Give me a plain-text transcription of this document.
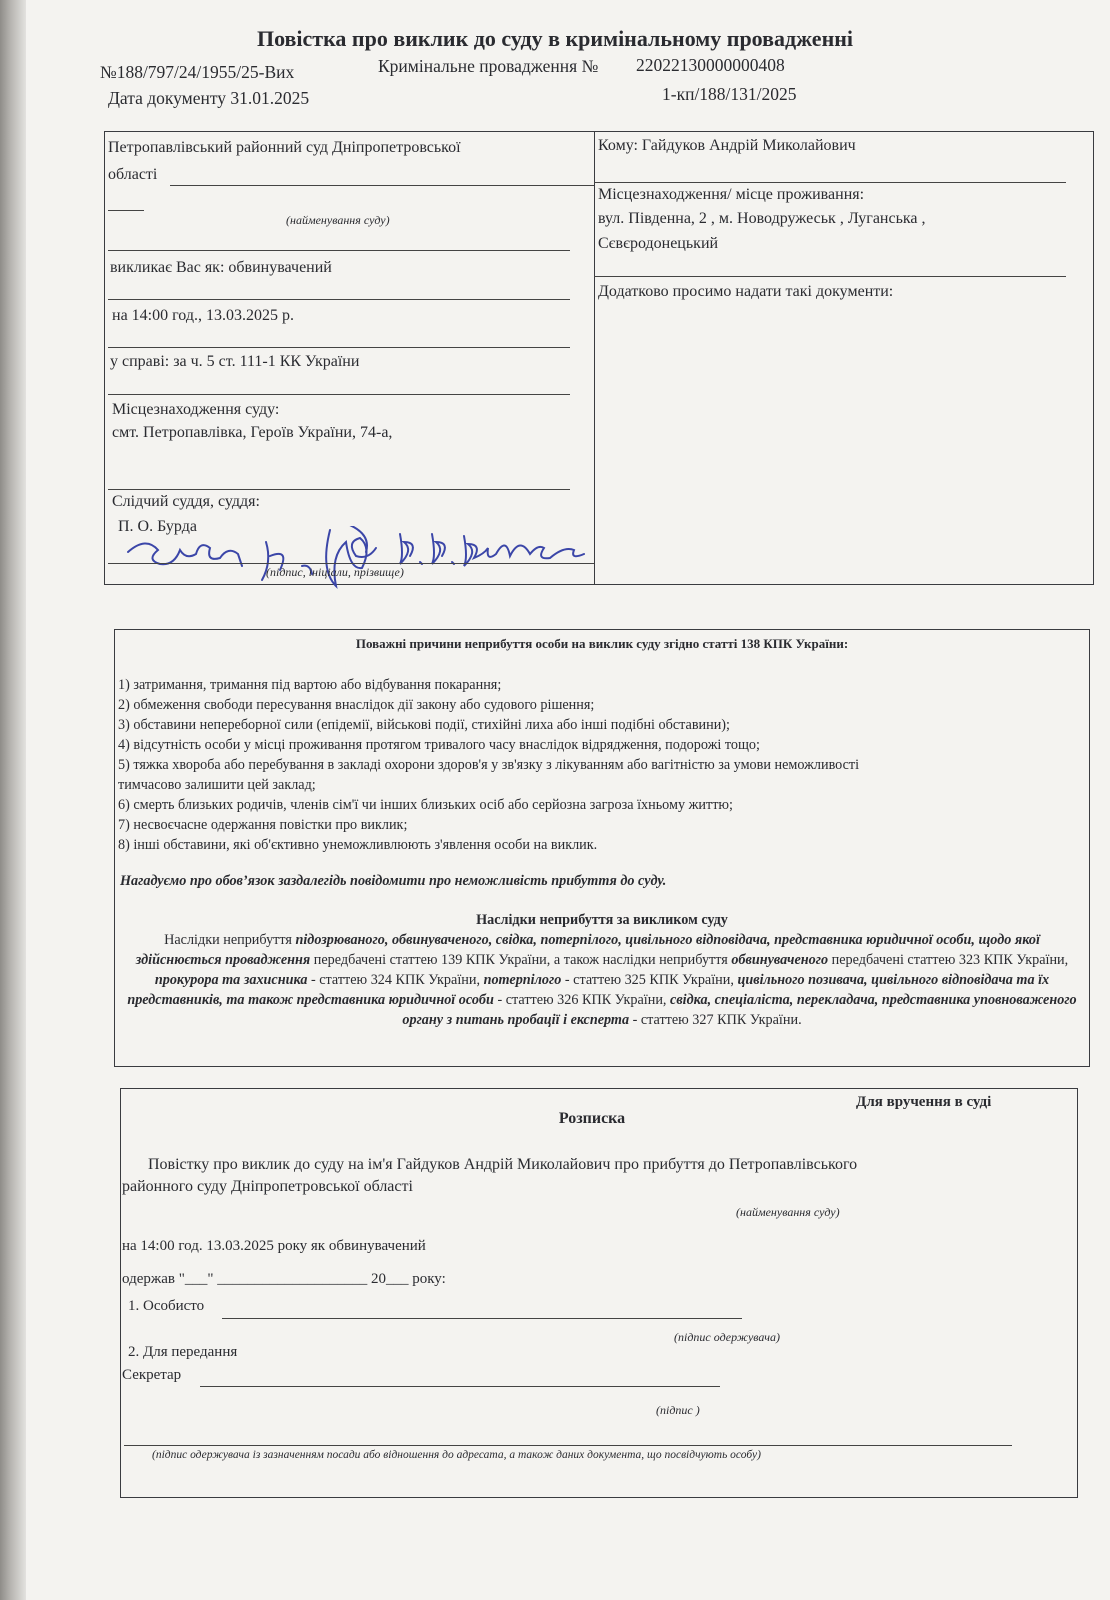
Повістка про виклик до суду в кримінальному провадженні
№188/797/24/1955/25-Вих	Кримінальне провадження № 22022130000000408
Дата документу 31.01.2025	1-кп/188/131/2025
Петропавлівський районний суд Дніпропетровської
області
(найменування суду)
викликає Вас як: обвинувачений
на 14:00 год., 13.03.2025 р.
у справі: за ч. 5 ст. 111-1 КК України
Місцезнаходження суду:
смт. Петропавлівка, Героїв України, 74-а,
Слідчий суддя, суддя:
П. О. Бурда
(підпис, ініціали, прізвище)
Кому: Гайдуков Андрій Миколайович
Місцезнаходження/ місце проживання:
вул. Південна, 2 , м. Новодружеськ , Луганська ,
Сєвєродонецький
Додатково просимо надати такі документи:
Поважні причини неприбуття особи на виклик суду згідно статті 138 КПК України:
1) затримання, тримання під вартою або відбування покарання;
2) обмеження свободи пересування внаслідок дії закону або судового рішення;
3) обставини непереборної сили (епідемії, військові події, стихійні лиха або інші подібні обставини);
4) відсутність особи у місці проживання протягом тривалого часу внаслідок відрядження, подорожі тощо;
5) тяжка хвороба або перебування в закладі охорони здоров'я у зв'язку з лікуванням або вагітністю за умови неможливості
тимчасово залишити цей заклад;
6) смерть близьких родичів, членів сім'ї чи інших близьких осіб або серйозна загроза їхньому життю;
7) несвоєчасне одержання повістки про виклик;
8) інші обставини, які об'єктивно унеможливлюють з'явлення особи на виклик.
Нагадуємо про обов’язок заздалегідь повідомити про неможливість прибуття до суду.
Наслідки неприбуття за викликом суду
Наслідки неприбуття підозрюваного, обвинуваченого, свідка, потерпілого, цивільного відповідача, представника юридичної особи, щодо якої здійснюється провадження передбачені статтею 139 КПК України, а також наслідки неприбуття обвинуваченого передбачені статтею 323 КПК України, прокурора та захисника - статтею 324 КПК України, потерпілого - статтею 325 КПК України, цивільного позивача, цивільного відповідача та їх представників, та також представника юридичної особи - статтею 326 КПК України, свідка, спеціаліста, перекладача, представника уповноваженого органу з питань пробації і експерта - статтею 327 КПК України.
Для вручення в суді
Розписка
Повістку про виклик до суду на ім'я Гайдуков Андрій Миколайович про прибуття до Петропавлівського
районного суду Дніпропетровської області
(найменування суду)
на 14:00 год. 13.03.2025 року як обвинувачений
одержав "___" ____________________ 20___ року:
1. Особисто
(підпис одержувача)
2. Для передання
Секретар
(підпис )
(підпис одержувача із зазначенням посади або відношення до адресата, а також даних документа, що посвідчують особу)
